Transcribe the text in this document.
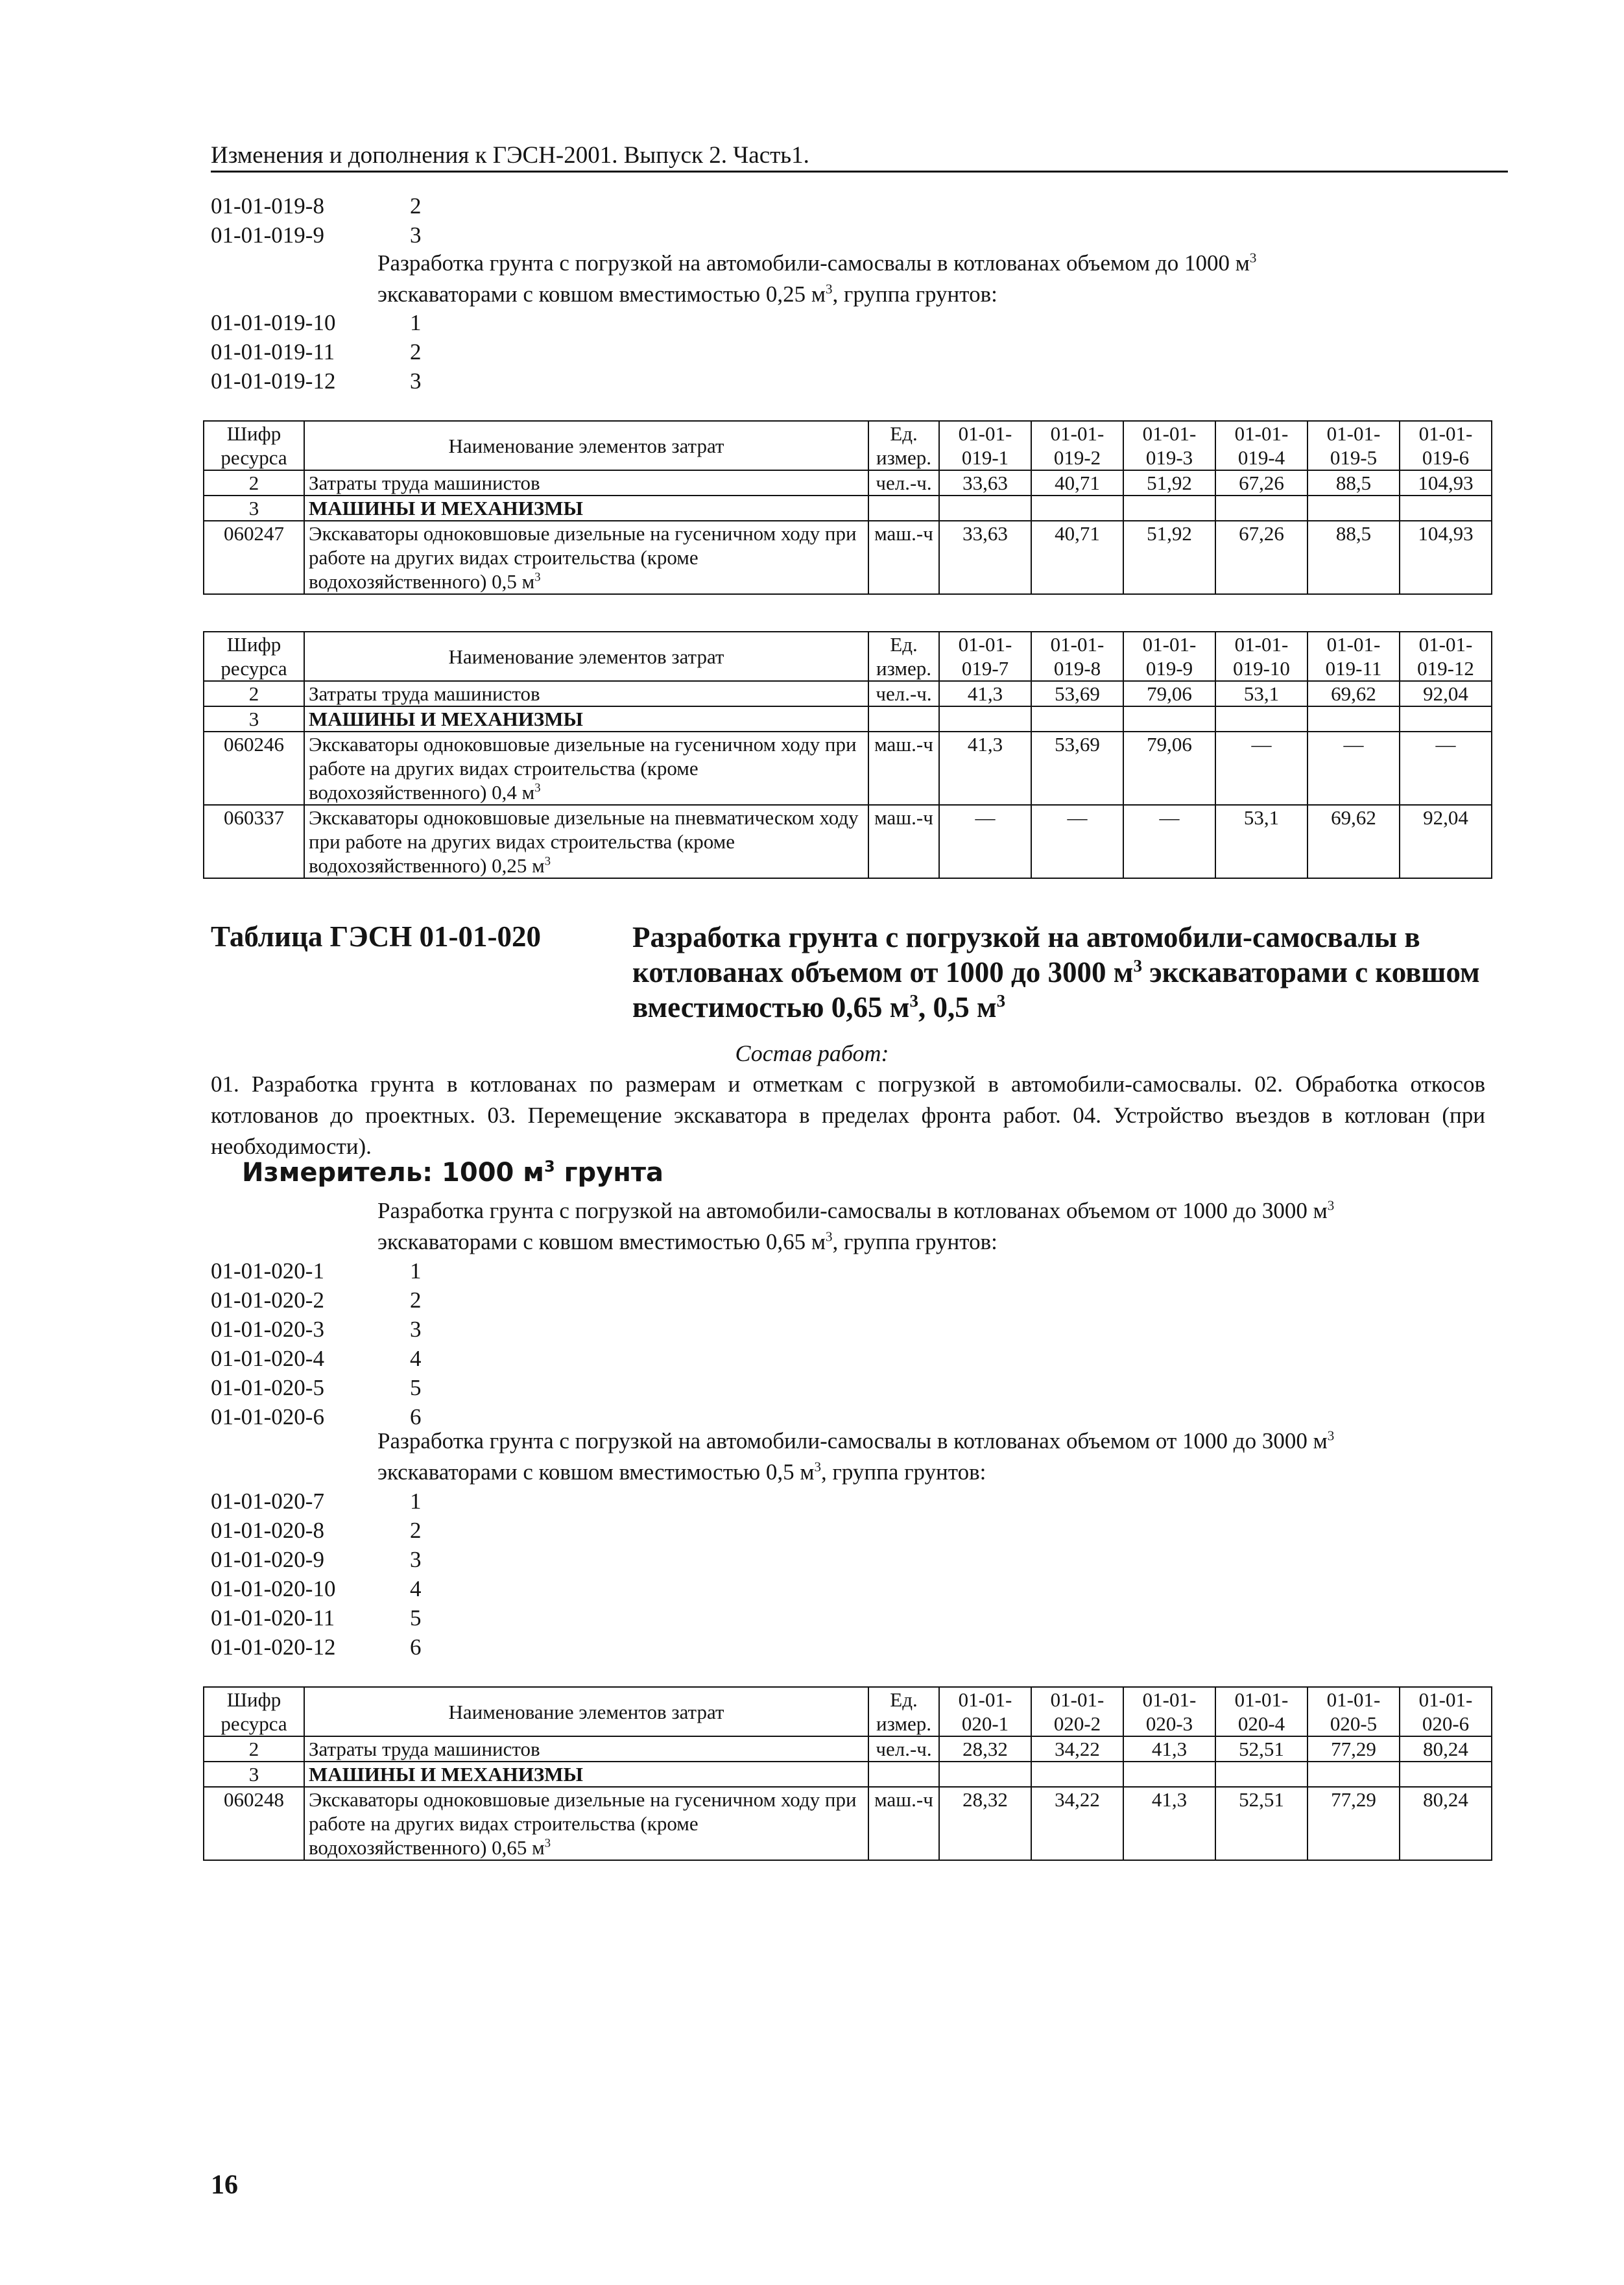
Изменения и дополнения к ГЭСН-2001. Выпуск 2. Часть1.
01-01-019-8	2
01-01-019-9	3
Разработка грунта с погрузкой на автомобили-самосвалы в котлованах объемом до 1000 $м^3$
экскаваторами с ковшом вместимостью 0,25 $м^3$, группа грунтов:
01-01-019-10	1
01-01-019-11	2
01-01-019-12	3
Шифр ресурса	Наименование элементов затрат	Ед. измер.	01-01-019-1	01-01-019-2	01-01-019-3	01-01-019-4	01-01-019-5	01-01-019-6
2	Затраты труда машинистов	чел.-ч.	33,63	40,71	51,92	67,26	88,5	104,93
3	МАШИНЫ И МЕХАНИЗМЫ							
060247	Экскаваторы одноковшовые дизельные на гусеничном ходу при работе на других видах строительства (кроме водохозяйственного) 0,5 $м^3$	маш.-ч	33,63	40,71	51,92	67,26	88,5	104,93
Шифр ресурса	Наименование элементов затрат	Ед. измер.	01-01-019-7	01-01-019-8	01-01-019-9	01-01-019-10	01-01-019-11	01-01-019-12
2	Затраты труда машинистов	чел.-ч.	41,3	53,69	79,06	53,1	69,62	92,04
3	МАШИНЫ И МЕХАНИЗМЫ							
060246	Экскаваторы одноковшовые дизельные на гусеничном ходу при работе на других видах строительства (кроме водохозяйственного) 0,4 $м^3$	маш.-ч	41,3	53,69	79,06	—	—	—
060337	Экскаваторы одноковшовые дизельные на пневматическом ходу при работе на других видах строительства (кроме водохозяйственного) 0,25 $м^3$	маш.-ч	—	—	—	53,1	69,62	92,04
Таблица ГЭСН 01-01-020	Разработка грунта с погрузкой на автомобили-самосвалы в котлованах объемом от 1000 до 3000 $м^3$ экскаваторами с ковшом вместимостью 0,65 $м^3$, 0,5 $м^3$
Состав работ:
01. Разработка грунта в котлованах по размерам и отметкам с погрузкой в автомобили-самосвалы. 02. Обработка откосов котлованов до проектных. 03. Перемещение экскаватора в пределах фронта работ. 04. Устройство въездов в котлован (при необходимости).
Измеритель: 1000 $м^3$ грунта
Разработка грунта с погрузкой на автомобили-самосвалы в котлованах объемом от 1000 до 3000 $м^3$
экскаваторами с ковшом вместимостью 0,65 $м^3$, группа грунтов:
01-01-020-1	1
01-01-020-2	2
01-01-020-3	3
01-01-020-4	4
01-01-020-5	5
01-01-020-6	6
Разработка грунта с погрузкой на автомобили-самосвалы в котлованах объемом от 1000 до 3000 $м^3$
экскаваторами с ковшом вместимостью 0,5 $м^3$, группа грунтов:
01-01-020-7	1
01-01-020-8	2
01-01-020-9	3
01-01-020-10	4
01-01-020-11	5
01-01-020-12	6
Шифр ресурса	Наименование элементов затрат	Ед. измер.	01-01-020-1	01-01-020-2	01-01-020-3	01-01-020-4	01-01-020-5	01-01-020-6
2	Затраты труда машинистов	чел.-ч.	28,32	34,22	41,3	52,51	77,29	80,24
3	МАШИНЫ И МЕХАНИЗМЫ							
060248	Экскаваторы одноковшовые дизельные на гусеничном ходу при работе на других видах строительства (кроме водохозяйственного) 0,65 $м^3$	маш.-ч	28,32	34,22	41,3	52,51	77,29	80,24
16
